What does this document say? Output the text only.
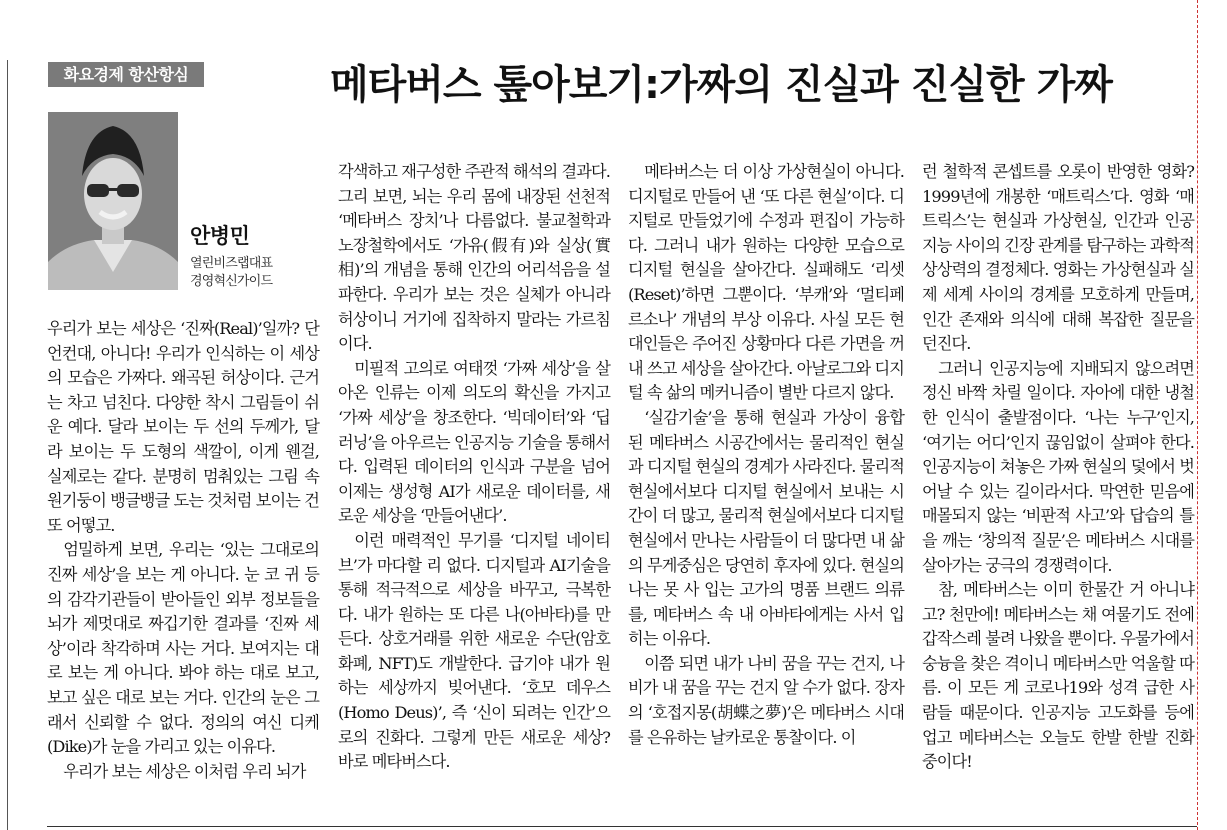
화요경제 항산항심	메타버스 톺아보기:가짜의 진실과 진실한 가짜
안병민
열린비즈랩대표
경영혁신가이드

우리가 보는 세상은 ‘진짜(Real)’일까? 단언컨대, 아니다! 우리가 인식하는 이 세상의 모습은 가짜다. 왜곡된 허상이다. 근거는 차고 넘친다. 다양한 착시 그림들이 쉬운 예다. 달라 보이는 두 선의 두께가, 달라 보이는 두 도형의 색깔이, 이게 웬걸, 실제로는 같다. 분명히 멈춰있는 그림 속 원기둥이 뱅글뱅글 도는 것처럼 보이는 건 또 어떻고.

엄밀하게 보면, 우리는 ‘있는 그대로의 진짜 세상’을 보는 게 아니다. 눈 코 귀 등의 감각기관들이 받아들인 외부 정보들을 뇌가 제멋대로 짜깁기한 결과를 ‘진짜 세상’이라 착각하며 사는 거다. 보여지는 대로 보는 게 아니다. 봐야 하는 대로 보고, 보고 싶은 대로 보는 거다. 인간의 눈은 그래서 신뢰할 수 없다. 정의의 여신 디케(Dike)가 눈을 가리고 있는 이유다.

우리가 보는 세상은 이처럼 우리 뇌가

각색하고 재구성한 주관적 해석의 결과다. 그리 보면, 뇌는 우리 몸에 내장된 선천적 ‘메타버스 장치’나 다름없다. 불교철학과 노장철학에서도 ‘가유(假有)와 실상(實相)’의 개념을 통해 인간의 어리석음을 설파한다. 우리가 보는 것은 실체가 아니라 허상이니 거기에 집착하지 말라는 가르침이다.

미필적 고의로 여태껏 ‘가짜 세상’을 살아온 인류는 이제 의도의 확신을 가지고 ‘가짜 세상’을 창조한다. ‘빅데이터’와 ‘딥러닝’을 아우르는 인공지능 기술을 통해서다. 입력된 데이터의 인식과 구분을 넘어 이제는 생성형 AI가 새로운 데이터를, 새로운 세상을 ‘만들어낸다’.

이런 매력적인 무기를 ‘디지털 네이티브’가 마다할 리 없다. 디지털과 AI기술을 통해 적극적으로 세상을 바꾸고, 극복한다. 내가 원하는 또 다른 나(아바타)를 만든다. 상호거래를 위한 새로운 수단(암호화폐, NFT)도 개발한다. 급기야 내가 원하는 세상까지 빚어낸다. ‘호모 데우스(Homo Deus)’, 즉 ‘신이 되려는 인간’으로의 진화다. 그렇게 만든 새로운 세상? 바로 메타버스다.

메타버스는 더 이상 가상현실이 아니다. 디지털로 만들어 낸 ‘또 다른 현실’이다. 디지털로 만들었기에 수정과 편집이 가능하다. 그러니 내가 원하는 다양한 모습으로 디지털 현실을 살아간다. 실패해도 ‘리셋(Reset)’하면 그뿐이다. ‘부캐’와 ‘멀티페르소나’ 개념의 부상 이유다. 사실 모든 현대인들은 주어진 상황마다 다른 가면을 꺼내 쓰고 세상을 살아간다. 아날로그와 디지털 속 삶의 메커니즘이 별반 다르지 않다.

‘실감기술’을 통해 현실과 가상이 융합된 메타버스 시공간에서는 물리적인 현실과 디지털 현실의 경계가 사라진다. 물리적 현실에서보다 디지털 현실에서 보내는 시간이 더 많고, 물리적 현실에서보다 디지털 현실에서 만나는 사람들이 더 많다면 내 삶의 무게중심은 당연히 후자에 있다. 현실의 나는 못 사 입는 고가의 명품 브랜드 의류를, 메타버스 속 내 아바타에게는 사서 입히는 이유다.

이쯤 되면 내가 나비 꿈을 꾸는 건지, 나비가 내 꿈을 꾸는 건지 알 수가 없다. 장자의 ‘호접지몽(胡蝶之夢)’은 메타버스 시대를 은유하는 날카로운 통찰이다. 이

런 철학적 콘셉트를 오롯이 반영한 영화? 1999년에 개봉한 ‘매트릭스’다. 영화 ‘매트릭스’는 현실과 가상현실, 인간과 인공지능 사이의 긴장 관계를 탐구하는 과학적 상상력의 결정체다. 영화는 가상현실과 실제 세계 사이의 경계를 모호하게 만들며, 인간 존재와 의식에 대해 복잡한 질문을 던진다.

그러니 인공지능에 지배되지 않으려면 정신 바짝 차릴 일이다. 자아에 대한 냉철한 인식이 출발점이다. ‘나는 누구’인지, ‘여기는 어디’인지 끊임없이 살펴야 한다. 인공지능이 쳐놓은 가짜 현실의 덫에서 벗어날 수 있는 길이라서다. 막연한 믿음에 매몰되지 않는 ‘비판적 사고’와 답습의 틀을 깨는 ‘창의적 질문’은 메타버스 시대를 살아가는 궁극의 경쟁력이다.

참, 메타버스는 이미 한물간 거 아니냐고? 천만에! 메타버스는 채 여물기도 전에 갑작스레 불려 나왔을 뿐이다. 우물가에서 숭늉을 찾은 격이니 메타버스만 억울할 따름. 이 모든 게 코로나19와 성격 급한 사람들 때문이다. 인공지능 고도화를 등에 업고 메타버스는 오늘도 한발 한발 진화 중이다!
